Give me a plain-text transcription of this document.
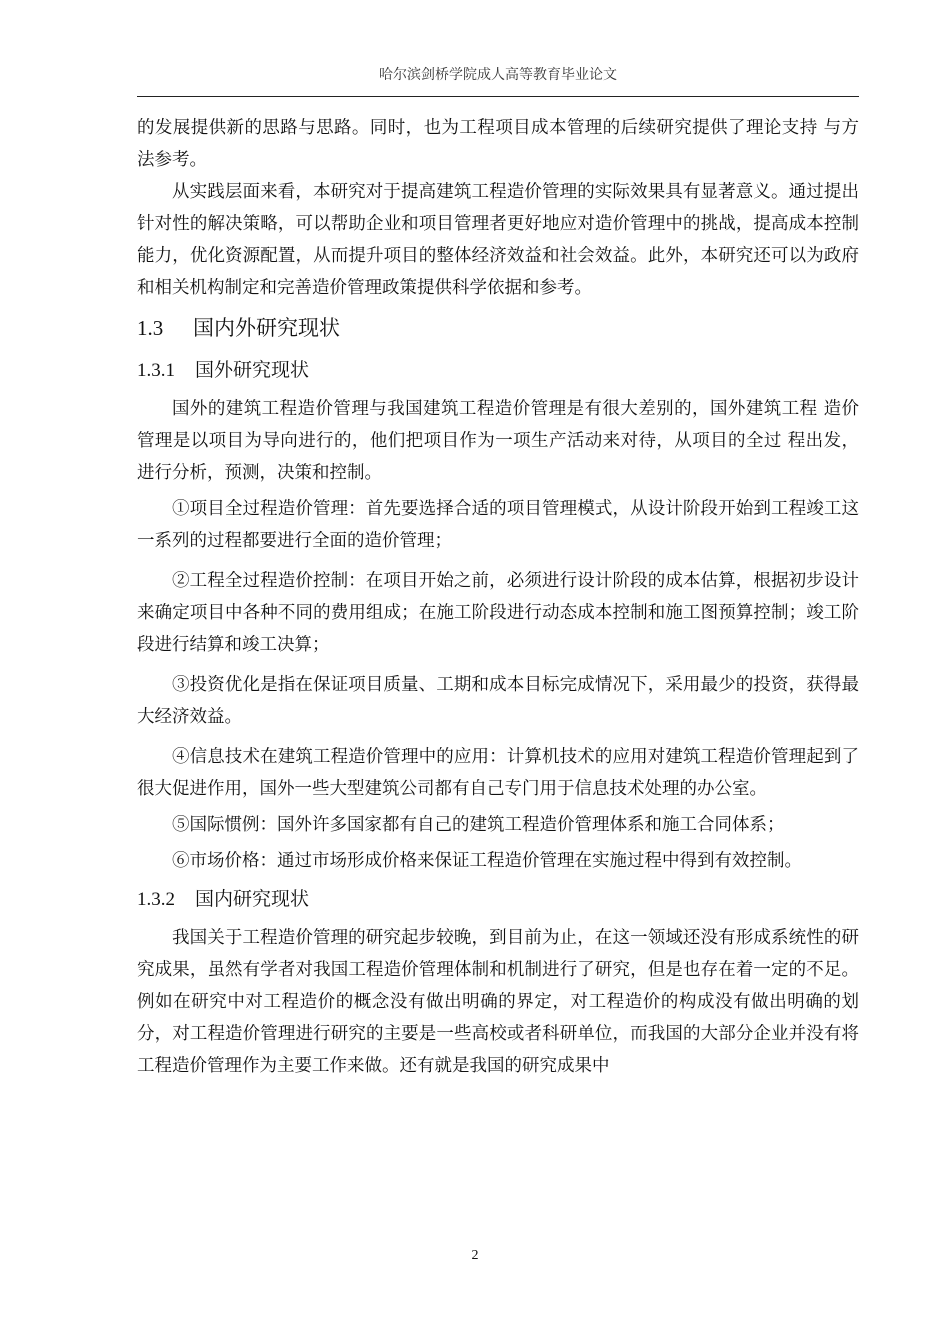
哈尔滨剑桥学院成人高等教育毕业论文

的发展提供新的思路与思路。同时，也为工程项目成本管理的后续研究提供了理论支持 与方法参考。

从实践层面来看，本研究对于提高建筑工程造价管理的实际效果具有显著意义。通过提出针对性的解决策略，可以帮助企业和项目管理者更好地应对造价管理中的挑战，提高成本控制能力，优化资源配置，从而提升项目的整体经济效益和社会效益。此外，本研究还可以为政府和相关机构制定和完善造价管理政策提供科学依据和参考。

1.3 国内外研究现状
1.3.1 国外研究现状

国外的建筑工程造价管理与我国建筑工程造价管理是有很大差别的，国外建筑工程 造价管理是以项目为导向进行的，他们把项目作为一项生产活动来对待，从项目的全过 程出发，进行分析，预测，决策和控制。

①项目全过程造价管理：首先要选择合适的项目管理模式，从设计阶段开始到工程竣工这一系列的过程都要进行全面的造价管理；

②工程全过程造价控制：在项目开始之前，必须进行设计阶段的成本估算，根据初步设计来确定项目中各种不同的费用组成；在施工阶段进行动态成本控制和施工图预算控制；竣工阶段进行结算和竣工决算；

③投资优化是指在保证项目质量、工期和成本目标完成情况下，采用最少的投资，获得最大经济效益。

④信息技术在建筑工程造价管理中的应用：计算机技术的应用对建筑工程造价管理起到了很大促进作用，国外一些大型建筑公司都有自己专门用于信息技术处理的办公室。

⑤国际惯例：国外许多国家都有自己的建筑工程造价管理体系和施工合同体系；

⑥市场价格：通过市场形成价格来保证工程造价管理在实施过程中得到有效控制。

1.3.2 国内研究现状

我国关于工程造价管理的研究起步较晚，到目前为止，在这一领域还没有形成系统性的研究成果，虽然有学者对我国工程造价管理体制和机制进行了研究，但是也存在着一定的不足。例如在研究中对工程造价的概念没有做出明确的界定，对工程造价的构成没有做出明确的划分，对工程造价管理进行研究的主要是一些高校或者科研单位，而我国的大部分企业并没有将工程造价管理作为主要工作来做。还有就是我国的研究成果中

2
